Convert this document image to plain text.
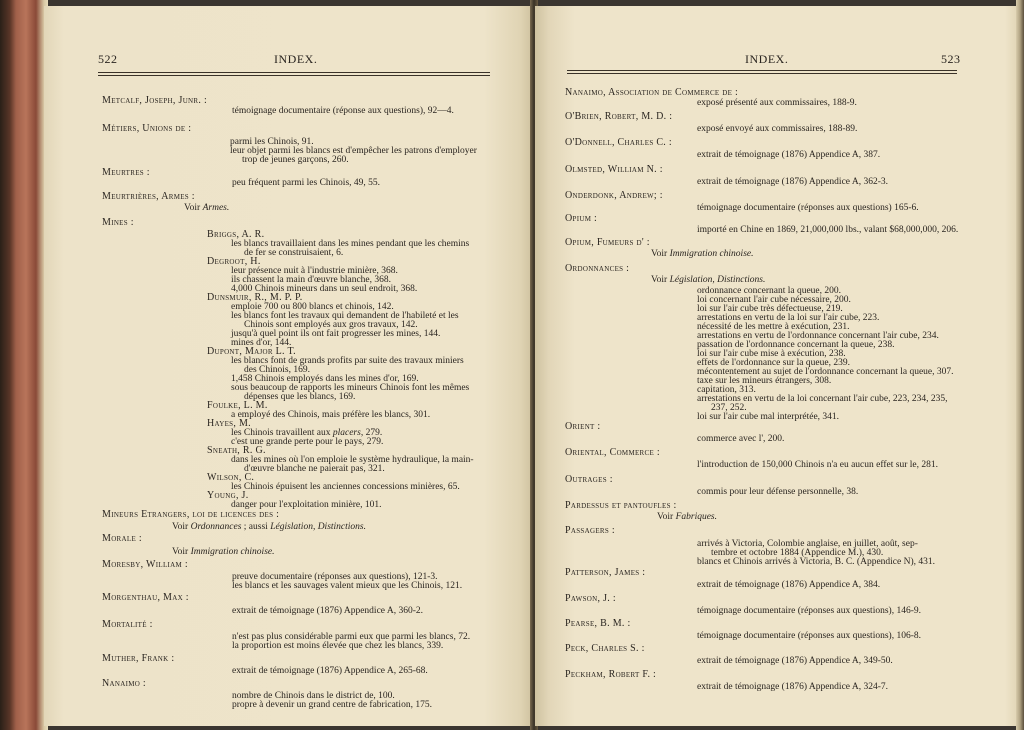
522	INDEX.
Metcalf, Joseph, Junr. :
témoignage documentaire (réponse aux questions), 92—4.
Métiers, Unions de :
parmi les Chinois, 91.
leur objet parmi les blancs est d'empêcher les patrons d'employer
trop de jeunes garçons, 260.
Meurtres :
peu fréquent parmi les Chinois, 49, 55.
Meurtrières, Armes :
Voir Armes.
Mines :
Briggs, A. R.
les blancs travaillaient dans les mines pendant que les chemins
de fer se construisaient, 6.
Degroot, H.
leur présence nuit à l'industrie minière, 368.
ils chassent la main d'œuvre blanche, 368.
4,000 Chinois mineurs dans un seul endroit, 368.
Dunsmuir, R., M. P. P.
emploie 700 ou 800 blancs et chinois, 142.
les blancs font les travaux qui demandent de l'habileté et les
Chinois sont employés aux gros travaux, 142.
jusqu'à quel point ils ont fait progresser les mines, 144.
mines d'or, 144.
Dupont, Major L. T.
les blancs font de grands profits par suite des travaux miniers
des Chinois, 169.
1,458 Chinois employés dans les mines d'or, 169.
sous beaucoup de rapports les mineurs Chinois font les mêmes
dépenses que les blancs, 169.
Foulke, L. M.
a employé des Chinois, mais préfère les blancs, 301.
Hayes, M.
les Chinois travaillent aux placers, 279.
c'est une grande perte pour le pays, 279.
Sneath, R. G.
dans les mines où l'on emploie le système hydraulique, la main-
d'œuvre blanche ne paierait pas, 321.
Wilson, C.
les Chinois épuisent les anciennes concessions minières, 65.
Young, J.
danger pour l'exploitation minière, 101.
Mineurs Etrangers, loi de licences des :
Voir Ordonnances ; aussi Législation, Distinctions.
Morale :
Voir Immigration chinoise.
Moresby, William :
preuve documentaire (réponses aux questions), 121-3.
les blancs et les sauvages valent mieux que les Chinois, 121.
Morgenthau, Max :
extrait de témoignage (1876) Appendice A, 360-2.
Mortalité :
n'est pas plus considérable parmi eux que parmi les blancs, 72.
la proportion est moins élevée que chez les blancs, 339.
Muther, Frank :
extrait de témoignage (1876) Appendice A, 265-68.
Nanaimo :
nombre de Chinois dans le district de, 100.
propre à devenir un grand centre de fabrication, 175.
INDEX.	523
Nanaimo, Association de Commerce de :
exposé présenté aux commissaires, 188-9.
O'Brien, Robert, M. D. :
exposé envoyé aux commissaires, 188-89.
O'Donnell, Charles C. :
extrait de témoignage (1876) Appendice A, 387.
Olmsted, William N. :
extrait de témoignage (1876) Appendice A, 362-3.
Onderdonk, Andrew; :
témoignage documentaire (réponses aux questions) 165-6.
Opium :
importé en Chine en 1869, 21,000,000 lbs., valant $68,000,000, 206.
Opium, Fumeurs d' :
Voir Immigration chinoise.
Ordonnances :
Voir Législation, Distinctions.
ordonnance concernant la queue, 200.
loi concernant l'air cube nécessaire, 200.
loi sur l'air cube très défectueuse, 219.
arrestations en vertu de la loi sur l'air cube, 223.
nécessité de les mettre à exécution, 231.
arrestations en vertu de l'ordonnance concernant l'air cube, 234.
passation de l'ordonnance concernant la queue, 238.
loi sur l'air cube mise à exécution, 238.
effets de l'ordonnance sur la queue, 239.
mécontentement au sujet de l'ordonnance concernant la queue, 307.
taxe sur les mineurs étrangers, 308.
capitation, 313.
arrestations en vertu de la loi concernant l'air cube, 223, 234, 235,
237, 252.
loi sur l'air cube mal interprétée, 341.
Orient :
commerce avec l', 200.
Oriental, Commerce :
l'introduction de 150,000 Chinois n'a eu aucun effet sur le, 281.
Outrages :
commis pour leur défense personnelle, 38.
Pardessus et pantoufles :
Voir Fabriques.
Passagers :
arrivés à Victoria, Colombie anglaise, en juillet, août, sep-
tembre et octobre 1884 (Appendice M.), 430.
blancs et Chinois arrivés à Victoria, B. C. (Appendice N), 431.
Patterson, James :
extrait de témoignage (1876) Appendice A, 384.
Pawson, J. :
témoignage documentaire (réponses aux questions), 146-9.
Pearse, B. M. :
témoignage documentaire (réponses aux questions), 106-8.
Peck, Charles S. :
extrait de témoignage (1876) Appendice A, 349-50.
Peckham, Robert F. :
extrait de témoignage (1876) Appendice A, 324-7.
